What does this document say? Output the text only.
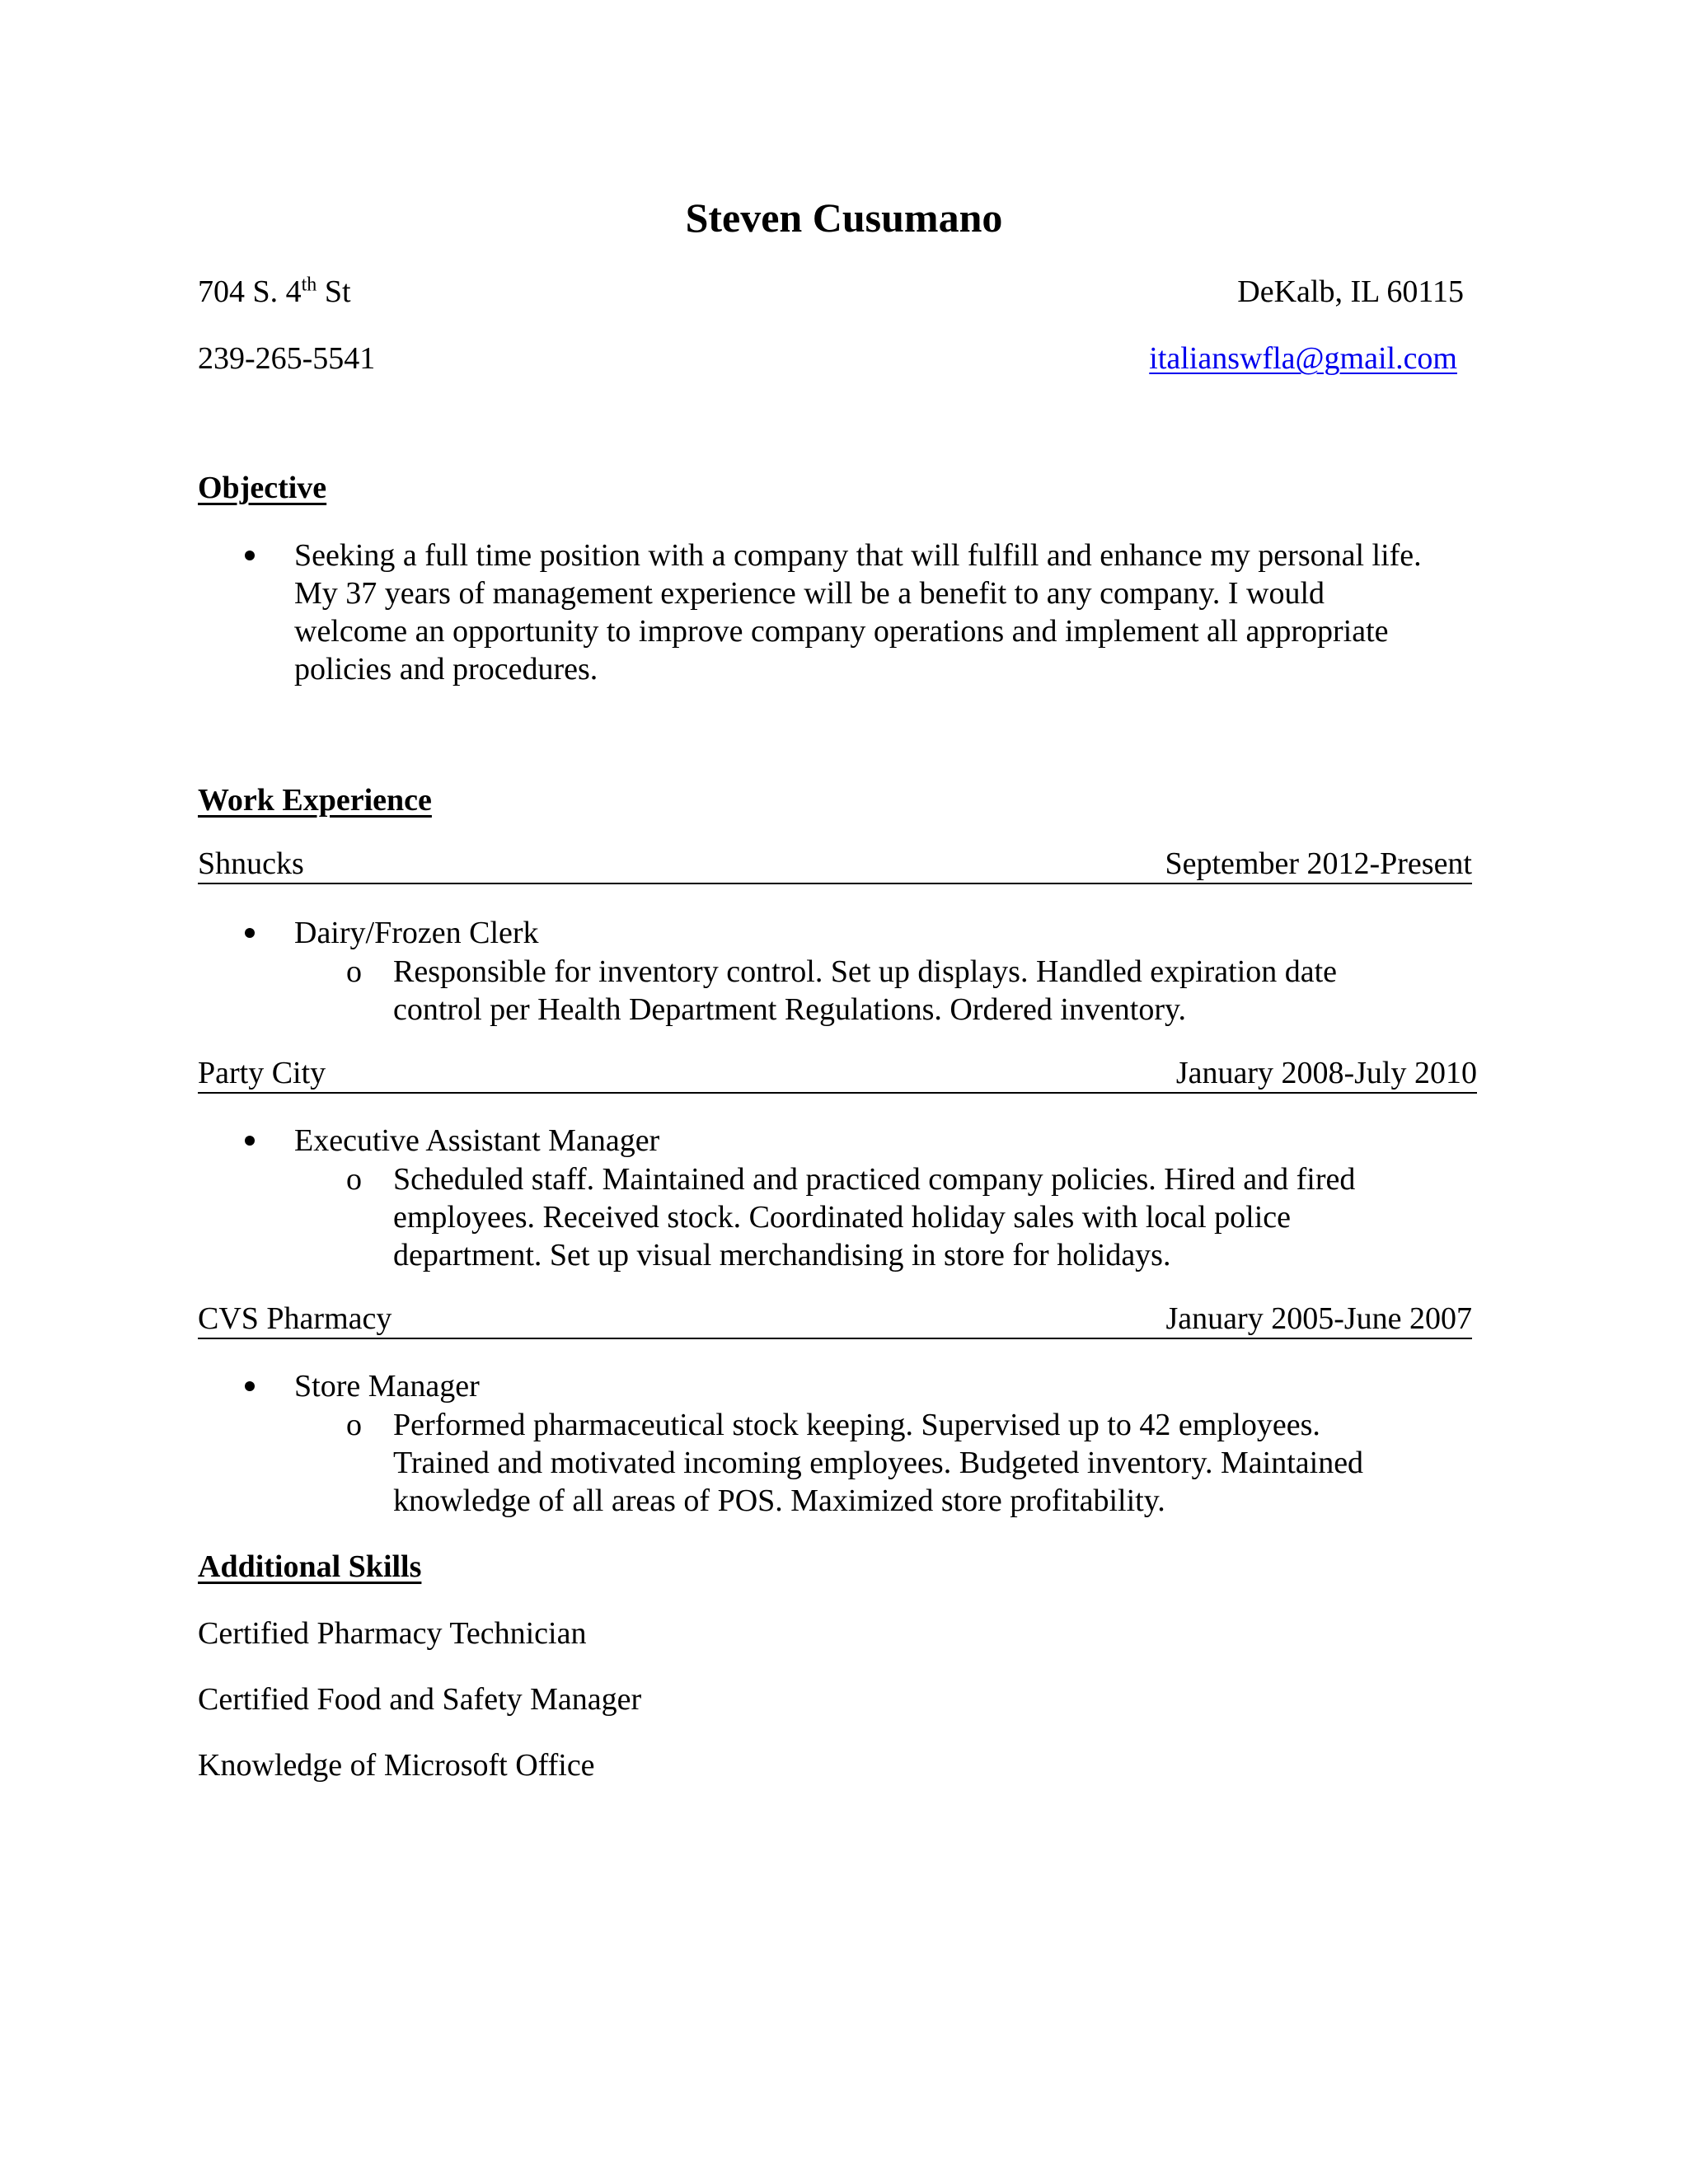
Steven Cusumano
704 S. 4th St	DeKalb, IL 60115
239-265-5541	italianswfla@gmail.com
Objective
Seeking a full time position with a company that will fulfill and enhance my personal life.
My 37 years of management experience will be a benefit to any company. I would
welcome an opportunity to improve company operations and implement all appropriate
policies and procedures.
Work Experience
Shnucks	September 2012-Present
Dairy/Frozen Clerk
o Responsible for inventory control. Set up displays. Handled expiration date
control per Health Department Regulations. Ordered inventory.
Party City	January 2008-July 2010
Executive Assistant Manager
o Scheduled staff. Maintained and practiced company policies. Hired and fired
employees. Received stock. Coordinated holiday sales with local police
department. Set up visual merchandising in store for holidays.
CVS Pharmacy	January 2005-June 2007
Store Manager
o Performed pharmaceutical stock keeping. Supervised up to 42 employees.
Trained and motivated incoming employees. Budgeted inventory. Maintained
knowledge of all areas of POS. Maximized store profitability.
Additional Skills
Certified Pharmacy Technician
Certified Food and Safety Manager
Knowledge of Microsoft Office
